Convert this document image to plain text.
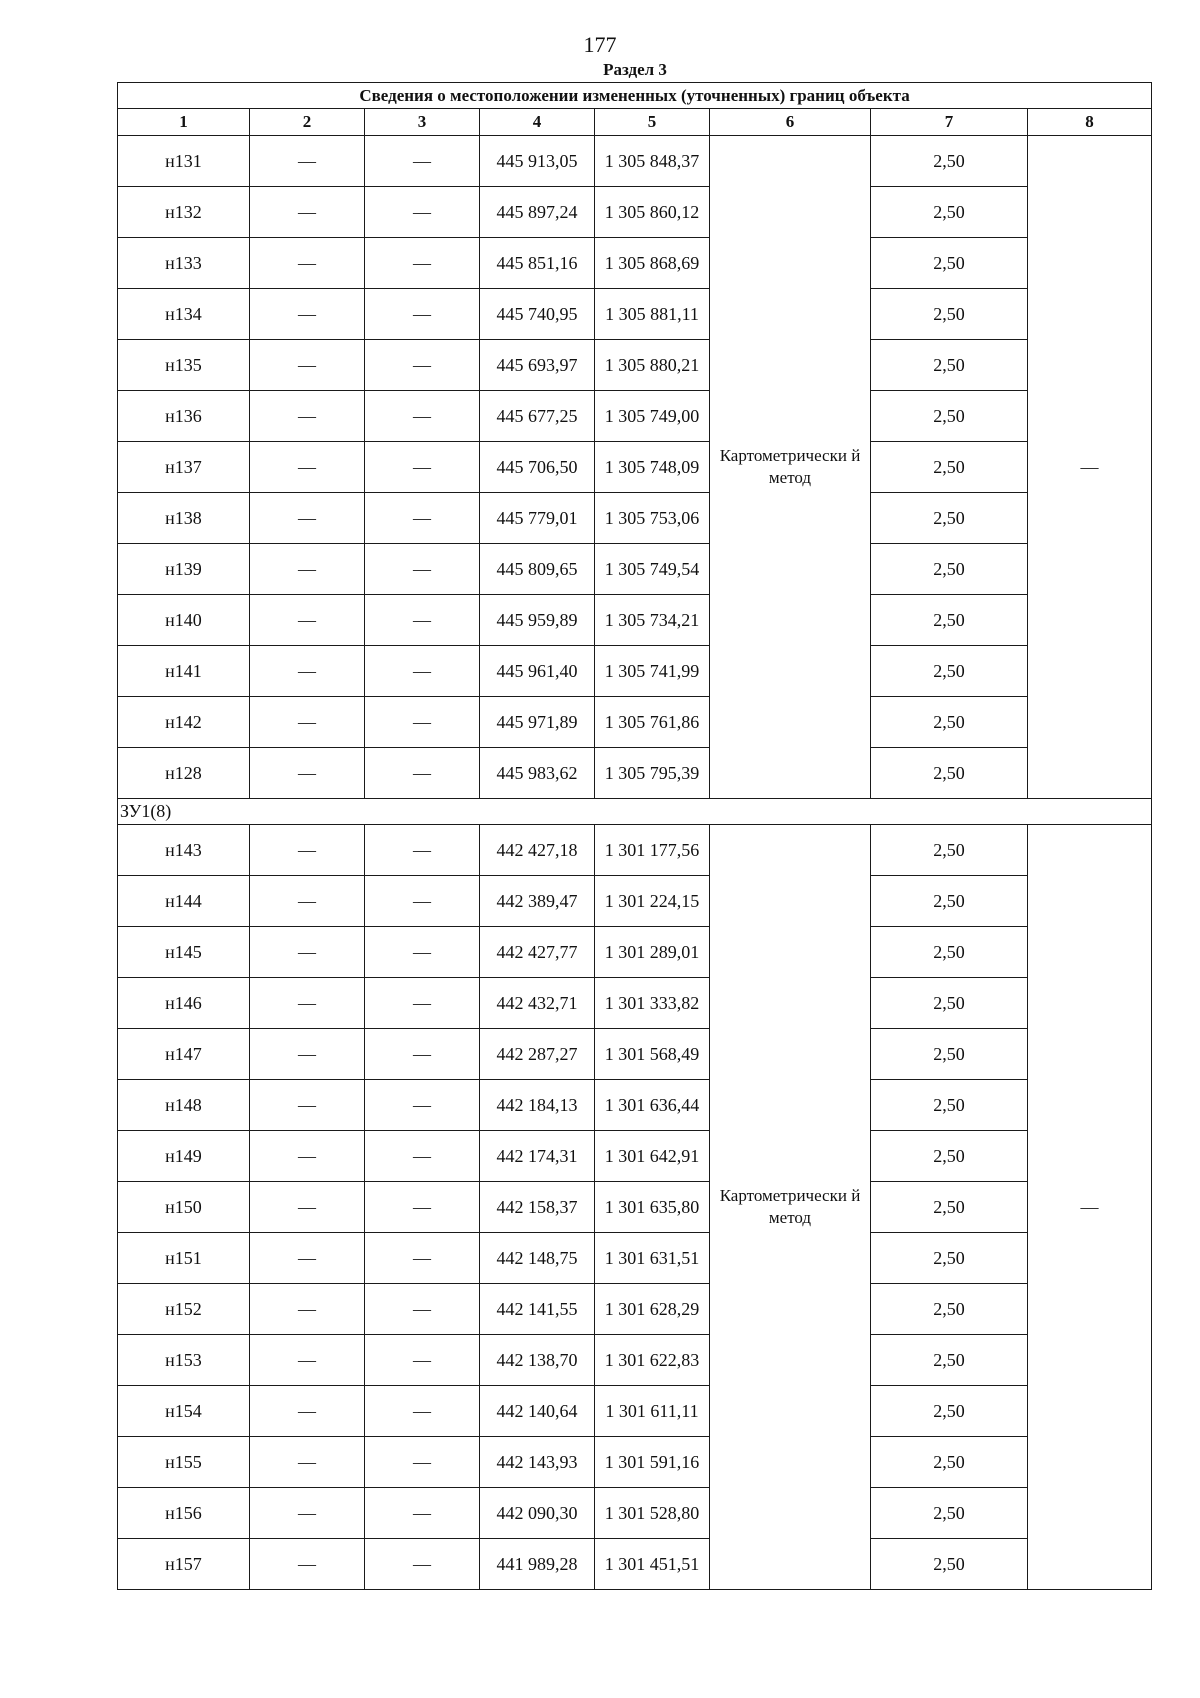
177
Раздел 3
Сведения о местоположении измененных (уточненных) границ объекта							
1	2	3	4	5	6	7	8
н131	—	—	445 913,05	1 305 848,37	Картометрически й метод	2,50	—
н132	—	—	445 897,24	1 305 860,12		2,50	
н133	—	—	445 851,16	1 305 868,69		2,50	
н134	—	—	445 740,95	1 305 881,11		2,50	
н135	—	—	445 693,97	1 305 880,21		2,50	
н136	—	—	445 677,25	1 305 749,00		2,50	
н137	—	—	445 706,50	1 305 748,09		2,50	
н138	—	—	445 779,01	1 305 753,06		2,50	
н139	—	—	445 809,65	1 305 749,54		2,50	
н140	—	—	445 959,89	1 305 734,21		2,50	
н141	—	—	445 961,40	1 305 741,99		2,50	
н142	—	—	445 971,89	1 305 761,86		2,50	
н128	—	—	445 983,62	1 305 795,39		2,50	
ЗУ1(8)							
н143	—	—	442 427,18	1 301 177,56	Картометрически й метод	2,50	—
н144	—	—	442 389,47	1 301 224,15		2,50	
н145	—	—	442 427,77	1 301 289,01		2,50	
н146	—	—	442 432,71	1 301 333,82		2,50	
н147	—	—	442 287,27	1 301 568,49		2,50	
н148	—	—	442 184,13	1 301 636,44		2,50	
н149	—	—	442 174,31	1 301 642,91		2,50	
н150	—	—	442 158,37	1 301 635,80		2,50	
н151	—	—	442 148,75	1 301 631,51		2,50	
н152	—	—	442 141,55	1 301 628,29		2,50	
н153	—	—	442 138,70	1 301 622,83		2,50	
н154	—	—	442 140,64	1 301 611,11		2,50	
н155	—	—	442 143,93	1 301 591,16		2,50	
н156	—	—	442 090,30	1 301 528,80		2,50	
н157	—	—	441 989,28	1 301 451,51		2,50	
